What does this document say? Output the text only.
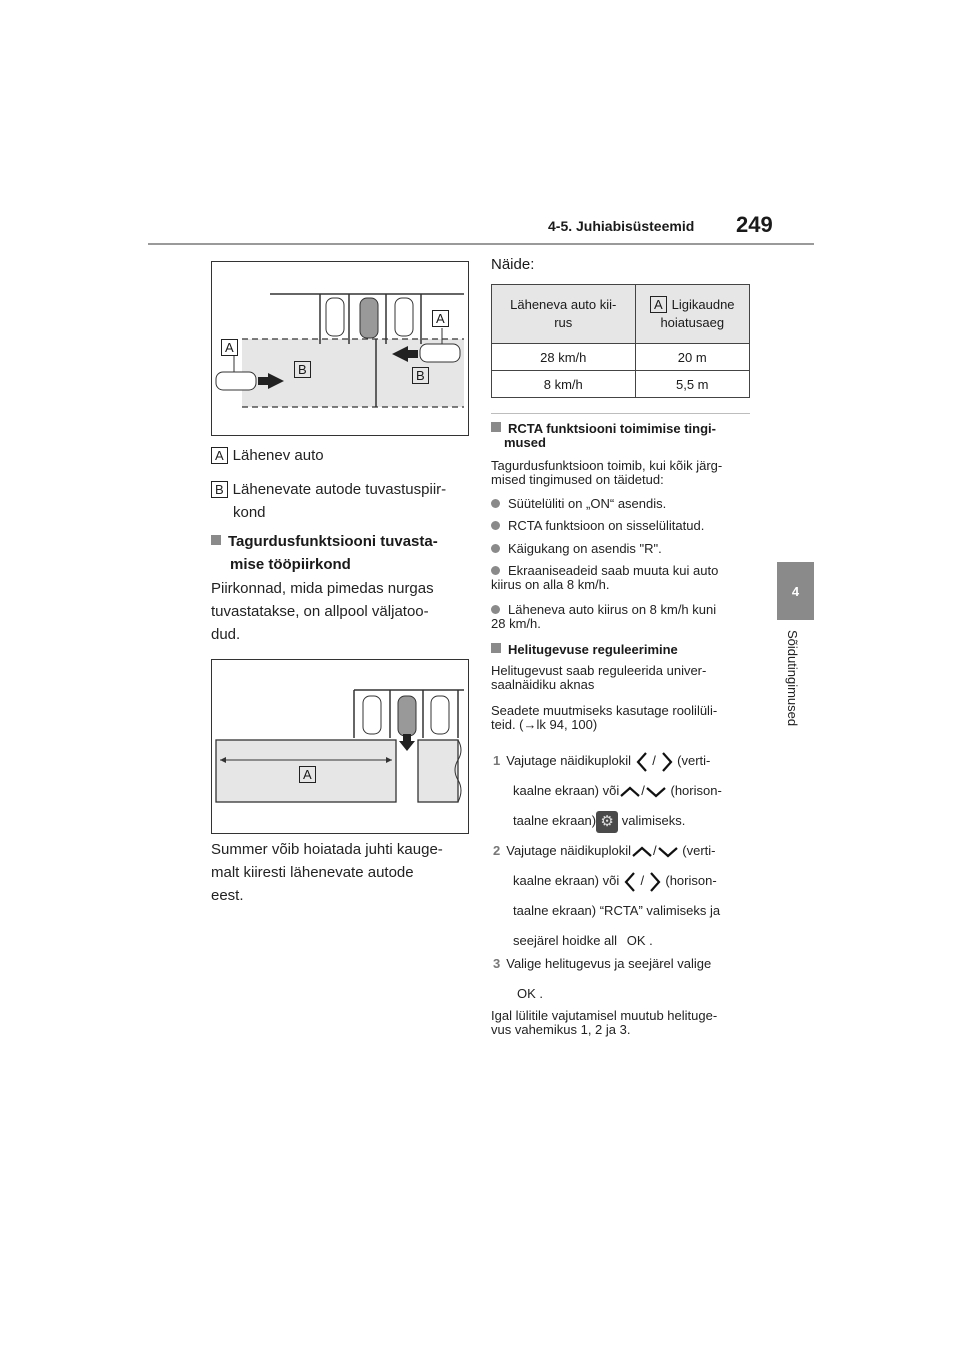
4-5. Juhiabisüsteemid 249
4
Sõidutingimused
A
A
B	B
A Lähenev auto
B Lähenevate autode tuvastuspiir-
kond
Tagurdusfunktsiooni tuvasta-
mise tööpiirkond
Piirkonnad, mida pimedas nurgas
tuvastatakse, on allpool väljatoo-
dud.
A
Summer võib hoiatada juhti kauge-
malt kiiresti lähenevate autode
eest.
Näide:
Läheneva auto kii-
rus	A Ligikaudne
hoiatusaeg
28 km/h	20 m
8 km/h	5,5 m
RCTA funktsiooni toimimise tingi-
mused
Tagurdusfunktsioon toimib, kui kõik järg-
mised tingimused on täidetud:
Süütelüliti on „ON“ asendis.
RCTA funktsioon on sisselülitatud.
Käigukang on asendis "R".
Ekraaniseadeid saab muuta kui auto
kiirus on alla 8 km/h.
Läheneva auto kiirus on 8 km/h kuni
28 km/h.
Helitugevuse reguleerimine
Helitugevust saab reguleerida univer-
saalnäidiku aknas
Seadete muutmiseks kasutage roolilüli-
teid. (→lk 94, 100)
1 Vajutage näidikuplokil / (verti-
kaalne ekraan) või / (horison-
taalne ekraan) ⚙ valimiseks.
2 Vajutage näidikuplokil / (verti-
kaalne ekraan) või / (horison-
taalne ekraan) “RCTA” valimiseks ja
seejärel hoidke all OK .
3 Valige helitugevus ja seejärel valige
OK .
Igal lülitile vajutamisel muutub helituge-
vus vahemikus 1, 2 ja 3.
